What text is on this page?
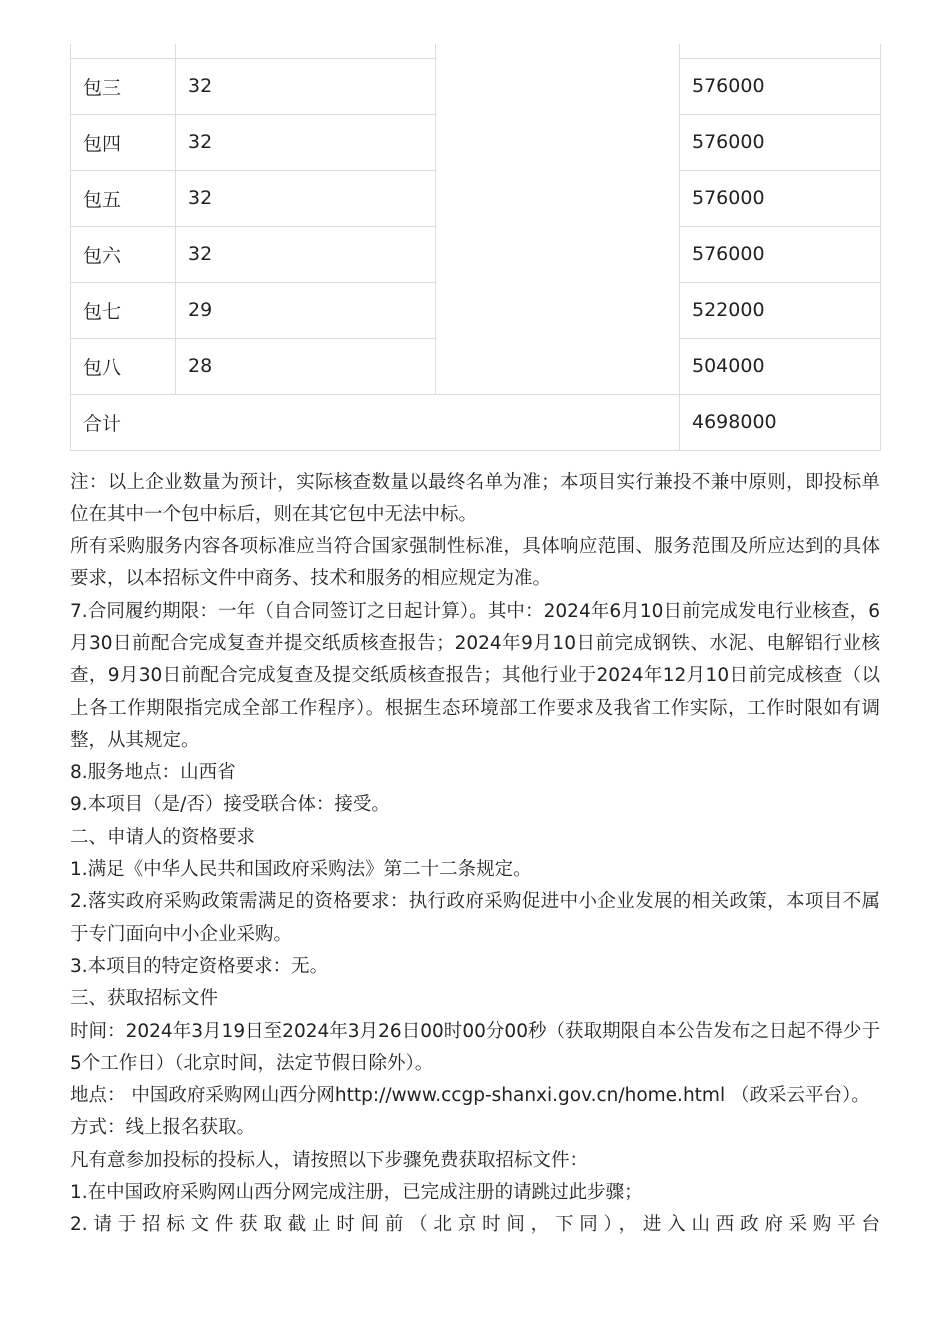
包三	32		576000
包四	32		576000
包五	32		576000
包六	32		576000
包七	29		522000
包八	28		504000
合计			4698000

注：以上企业数量为预计，实际核查数量以最终名单为准；本项目实行兼投不兼中原则，即投标单位在其中一个包中标后，则在其它包中无法中标。

所有采购服务内容各项标准应当符合国家强制性标准，具体响应范围、服务范围及所应达到的具体要求，以本招标文件中商务、技术和服务的相应规定为准。

7.合同履约期限：一年（自合同签订之日起计算）。其中：2024年6月10日前完成发电行业核查，6月30日前配合完成复查并提交纸质核查报告；2024年9月10日前完成钢铁、水泥、电解铝行业核查，9月30日前配合完成复查及提交纸质核查报告；其他行业于2024年12月10日前完成核查（以上各工作期限指完成全部工作程序）。根据生态环境部工作要求及我省工作实际，工作时限如有调整，从其规定。

8.服务地点：山西省

9.本项目（是/否）接受联合体：接受。

二、申请人的资格要求

1.满足《中华人民共和国政府采购法》第二十二条规定。

2.落实政府采购政策需满足的资格要求：执行政府采购促进中小企业发展的相关政策，本项目不属于专门面向中小企业采购。

3.本项目的特定资格要求：无。

三、获取招标文件

时间：2024年3月19日至2024年3月26日00时00分00秒（获取期限自本公告发布之日起不得少于5个工作日）（北京时间，法定节假日除外）。

地点： 中国政府采购网山西分网http://www.ccgp-shanxi.gov.cn/home.html （政采云平台）。

方式：线上报名获取。

凡有意参加投标的投标人，请按照以下步骤免费获取招标文件：

1.在中国政府采购网山西分网完成注册，已完成注册的请跳过此步骤；

2.请于招标文件获取截止时间前（北京时间，下同），进入山西政府采购平台
